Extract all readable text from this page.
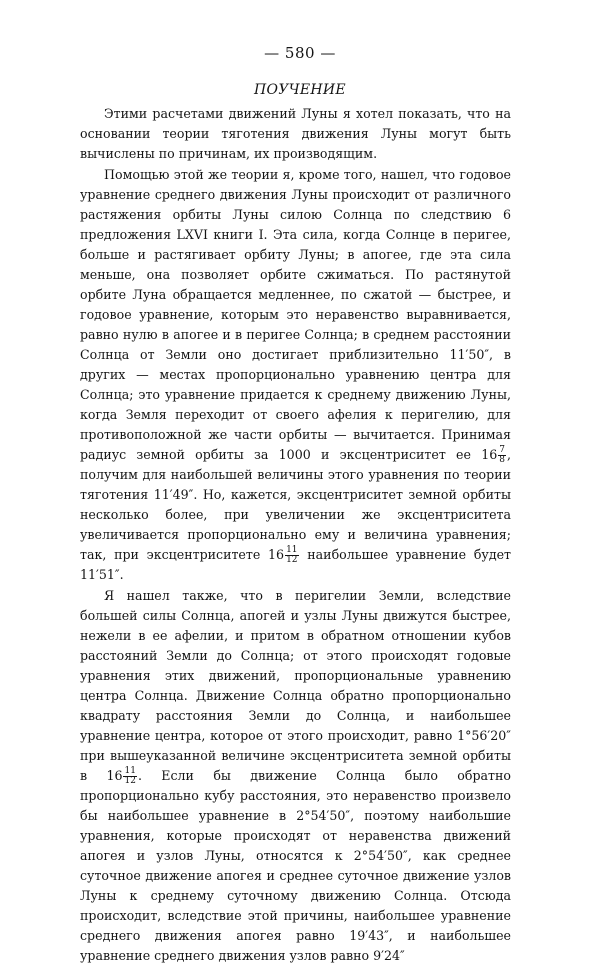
— 580 —
ПОУЧЕНИЕ

Этими расчетами движений Луны я хотел показать, что на основании теории тяготения движения Луны могут быть вычислены по причинам, их производящим.

Помощью этой же теории я, кроме того, нашел, что годовое уравнение среднего движения Луны происходит от различного растяжения орбиты Луны силою Солнца по следствию 6 предложения LXVI книги I. Эта сила, когда Солнце в перигее, больше и растягивает орбиту Луны; в апогее, где эта сила меньше, она позволяет орбите сжиматься. По растянутой орбите Луна обращается медленнее, по сжатой — быстрее, и годовое уравнение, которым это неравенство выравнивается, равно нулю в апогее и в перигее Солнца; в среднем расстоянии Солнца от Земли оно достигает приблизительно 11′50″, в других — местах пропорционально уравнению центра для Солнца; это уравнение придается к среднему движению Луны, когда Земля переходит от своего афелия к перигелию, для противоположной же части орбиты — вычитается. Принимая радиус земной орбиты за 1000 и эксцентриситет ее $16 \frac{7}{8}$ , получим для наибольшей величины этого уравнения по теории тяготения 11′49″. Но, кажется, эксцентриситет земной орбиты несколько более, при увеличении же эксцентриситета увеличивается пропорционально ему и величина уравнения; так, при эксцентриситете $16 \frac{11}{12}$ наибольшее уравнение будет 11′51″.

Я нашел также, что в перигелии Земли, вследствие большей силы Солнца, апогей и узлы Луны движутся быстрее, нежели в ее афелии, и притом в обратном отношении кубов расстояний Земли до Солнца; от этого происходят годовые уравнения этих движений, пропорциональные уравнению центра Солнца. Движение Солнца обратно пропорционально квадрату расстояния Земли до Солнца, и наибольшее уравнение центра, которое от этого происходит, равно 1°56′20″ при вышеуказанной величине эксцентриситета земной орбиты в $16 \frac{11}{12}$ . Если бы движение Солнца было обратно пропорционально кубу расстояния, это неравенство произвело бы наибольшее уравнение в 2°54′50″, поэтому наибольшие уравнения, которые происходят от неравенства движений апогея и узлов Луны, относятся к 2°54′50″, как среднее суточное движение апогея и среднее суточное движение узлов Луны к среднему суточному движению Солнца. Отсюда происходит, вследствие этой причины, наибольшее уравнение среднего движения апогея равно 19′43″, и наибольшее уравнение среднего движения узлов равно 9′24″
